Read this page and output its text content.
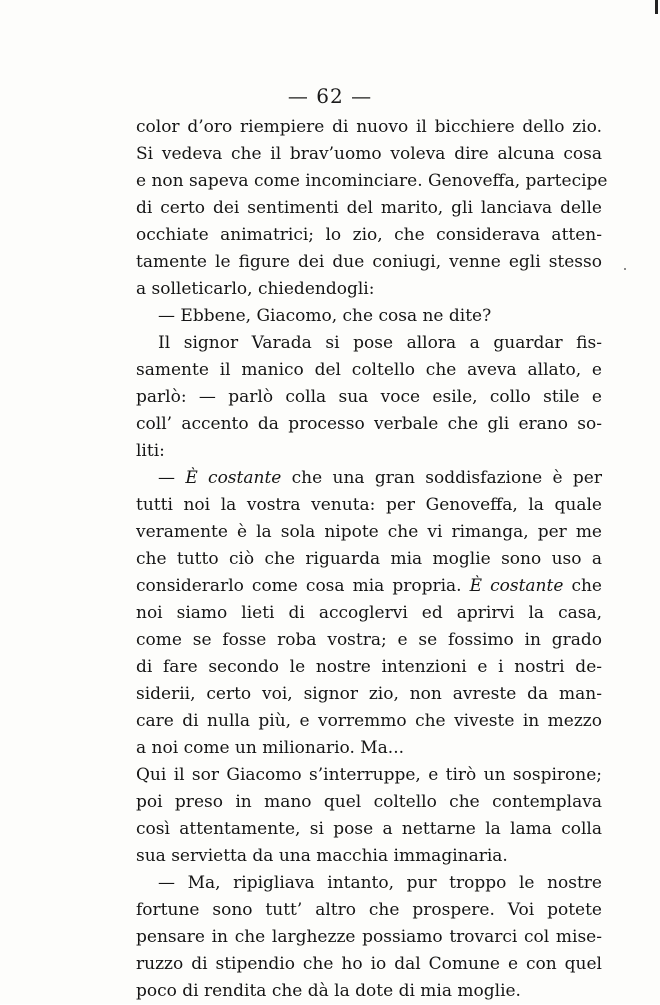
— 62 —
color d’oro riempiere di nuovo il bicchiere dello zio.
Si vedeva che il brav’uomo voleva dire alcuna cosa
e non sapeva come incominciare. Genoveffa, partecipe
di certo dei sentimenti del marito, gli lanciava delle
occhiate animatrici; lo zio, che considerava atten-
tamente le figure dei due coniugi, venne egli stesso
a solleticarlo, chiedendogli:
— Ebbene, Giacomo, che cosa ne dite?
Il signor Varada si pose allora a guardar fis-
samente il manico del coltello che aveva allato, e
parlò: — parlò colla sua voce esile, collo stile e
coll’ accento da processo verbale che gli erano so-
liti:
— È costante che una gran soddisfazione è per
tutti noi la vostra venuta: per Genoveffa, la quale
veramente è la sola nipote che vi rimanga, per me
che tutto ciò che riguarda mia moglie sono uso a
considerarlo come cosa mia propria. È costante che
noi siamo lieti di accoglervi ed aprirvi la casa,
come se fosse roba vostra; e se fossimo in grado
di fare secondo le nostre intenzioni e i nostri de-
siderii, certo voi, signor zio, non avreste da man-
care di nulla più, e vorremmo che viveste in mezzo
a noi come un milionario. Ma...
Qui il sor Giacomo s’interruppe, e tirò un sospirone;
poi preso in mano quel coltello che contemplava
così attentamente, si pose a nettarne la lama colla
sua servietta da una macchia immaginaria.
— Ma, ripigliava intanto, pur troppo le nostre
fortune sono tutt’ altro che prospere. Voi potete
pensare in che larghezze possiamo trovarci col mise-
ruzzo di stipendio che ho io dal Comune e con quel
poco di rendita che dà la dote di mia moglie.
